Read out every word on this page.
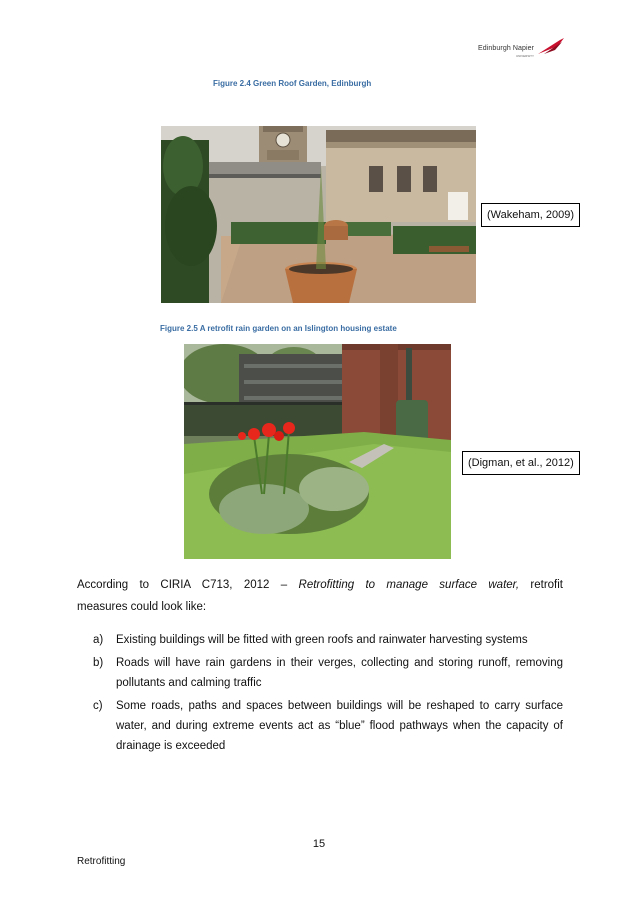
Edinburgh Napier
UNIVERSITY
Figure 2.4 Green Roof Garden, Edinburgh
(Wakeham, 2009)
Figure 2.5 A retrofit rain garden on an Islington housing estate
(Digman, et al., 2012)
According to CIRIA C713, 2012 – Retrofitting to manage surface water, retrofit
measures could look like:
a) Existing buildings will be fitted with green roofs and rainwater harvesting systems
b) Roads will have rain gardens in their verges, collecting and storing runoff, removing pollutants and calming traffic
c) Some roads, paths and spaces between buildings will be reshaped to carry surface water, and during extreme events act as “blue” flood pathways when the capacity of drainage is exceeded
15
Retrofitting
